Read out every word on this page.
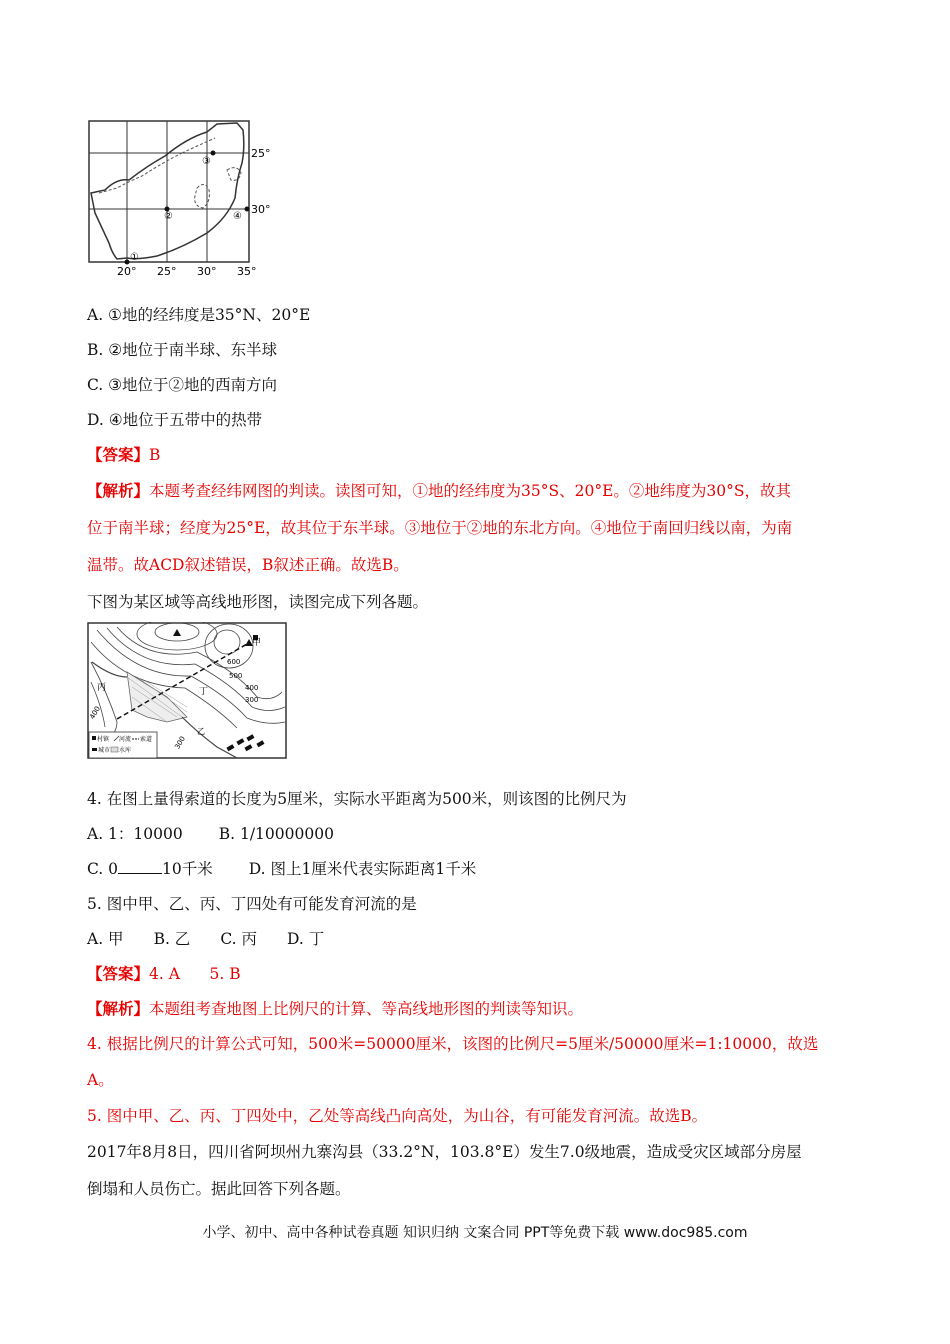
①
②
③
④
25°
30°
20° 25° 30° 35°
A. ①地的经纬度是35°N、20°E
B. ②地位于南半球、东半球
C. ③地位于②地的西南方向
D. ④地位于五带中的热带
【答案】B
【解析】本题考查经纬网图的判读。读图可知，①地的经纬度为35°S、20°E。②地纬度为30°S，故其
位于南半球；经度为25°E，故其位于东半球。③地位于②地的东北方向。④地位于南回归线以南，为南
温带。故ACD叙述错误，B叙述正确。故选B。
下图为某区域等高线地形图，读图完成下列各题。
甲
乙
丙	丁
600
500
400
300
400
300
村镇 河流 索道
城市 水库
4. 在图上量得索道的长度为5厘米，实际水平距离为500米，则该图的比例尺为
A. 1：10000 B. 1/10000000
C. 0	10千米 D. 图上1厘米代表实际距离1千米
5. 图中甲、乙、丙、丁四处有可能发育河流的是
A. 甲 B. 乙 C. 丙 D. 丁
【答案】4. A      5. B
【解析】本题组考查地图上比例尺的计算、等高线地形图的判读等知识。
4. 根据比例尺的计算公式可知，500米=50000厘米，该图的比例尺=5厘米/50000厘米=1:10000，故选
A。
5. 图中甲、乙、丙、丁四处中，乙处等高线凸向高处，为山谷，有可能发育河流。故选B。
2017年8月8日，四川省阿坝州九寨沟县（33.2°N，103.8°E）发生7.0级地震，造成受灾区域部分房屋
倒塌和人员伤亡。据此回答下列各题。
小学、初中、高中各种试卷真题 知识归纳 文案合同 PPT等免费下载 www.doc985.com
